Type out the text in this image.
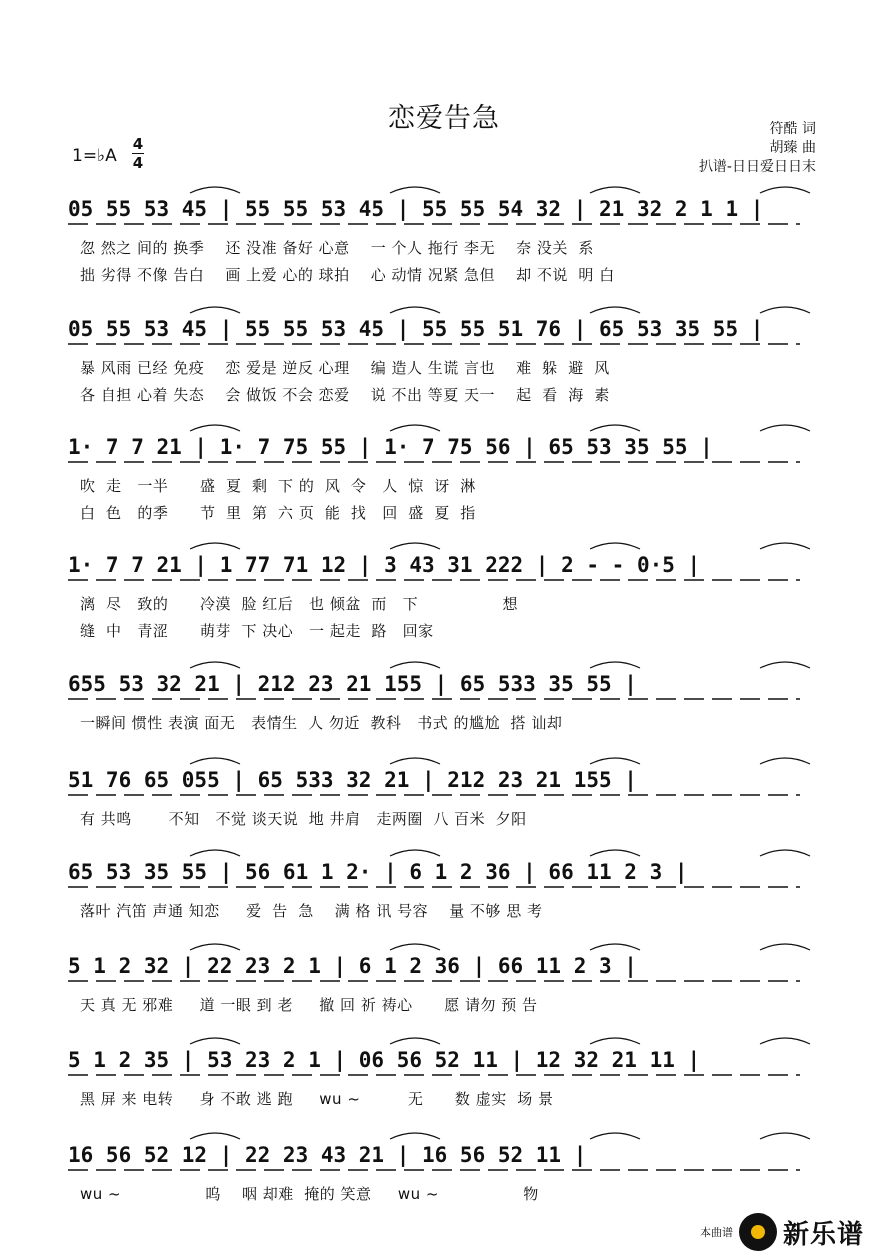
恋爱告急	符酷 词
胡臻 曲
扒谱-日日爱日日末
1=♭A
4
4
05 55 53 45 | 55 55 53 45 | 55 55 54 32 | 21 32 2 1 1 |
忽 然之 间的 换季    还 没准 备好 心意    一 个人 拖行 李无    奈 没关  系
拙 劣得 不像 告白    画 上爱 心的 球拍    心 动情 况紧 急但    却 不说  明 白
05 55 53 45 | 55 55 53 45 | 55 55 51 76 | 65 53 35 55 |
暴 风雨 已经 免疫    恋 爱是 逆反 心理    编 造人 生谎 言也    难  躲  避  风
各 自担 心着 失态    会 做饭 不会 恋爱    说 不出 等夏 天一    起  看  海  素
1· 7 7 21 | 1· 7 75 55 | 1· 7 75 56 | 65 53 35 55 |
吹  走   一半      盛  夏  剩  下 的  风  令   人  惊  讶  淋
白  色   的季      节  里  第  六 页  能  找   回  盛  夏  指
1· 7 7 21 | 1 77 71 12 | 3 43 31 222 | 2 - - 0·5 |
漓  尽   致的      冷漠  脸 红后   也 倾盆  而   下                想
缝  中   青涩      萌芽  下 决心   一 起走  路   回家
655 53 32 21 | 212 23 21 155 | 65 533 35 55 |
一瞬间 惯性 表演 面无   表情生  人 勿近  教科   书式 的尴尬  搭 讪却
51 76 65 055 | 65 533 32 21 | 212 23 21 155 |
有 共鸣       不知   不觉 谈天说  地 井肩   走两圈  八 百米  夕阳
65 53 35 55 | 56 61 1 2· | 6 1 2 36 | 66 11 2 3 |
落叶 汽笛 声通 知恋     爱  告  急    满 格 讯 号容    量 不够 思 考
5 1 2 32 | 22 23 2 1 | 6 1 2 36 | 66 11 2 3 |
天 真 无 邪难     道 一眼 到 老     撤 回 祈 祷心      愿 请勿 预 告
5 1 2 35 | 53 23 2 1 | 06 56 52 11 | 12 32 21 11 |
黑 屏 来 电转     身 不敢 逃 跑     wu ~         无      数 虚实  场 景
16 56 52 12 | 22 23 43 21 | 16 56 52 11 |
wu ~                呜    咽 却难  掩的 笑意     wu ~                物
本曲谱 新乐谱
